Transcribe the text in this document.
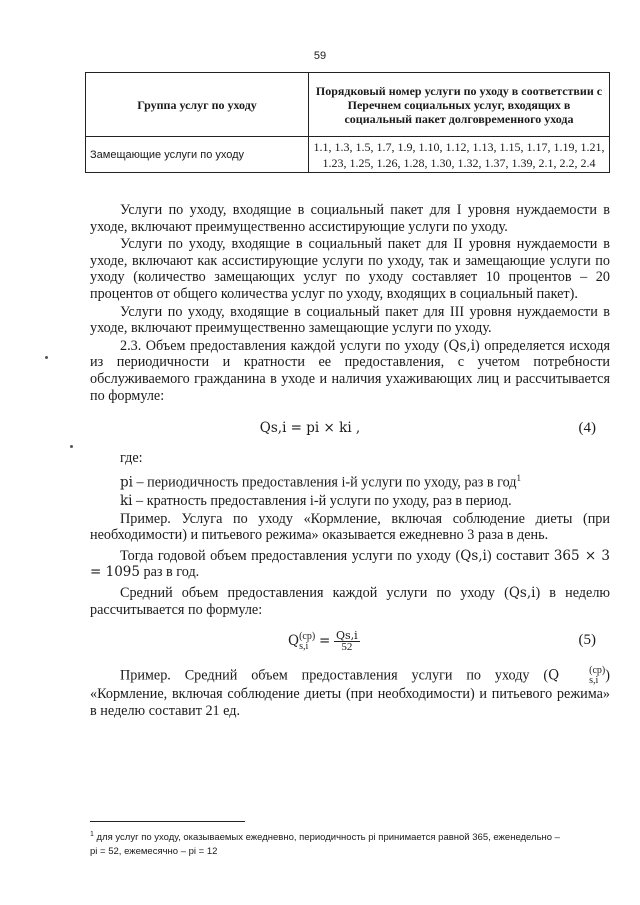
59
Группа услуг по уходу	Порядковый номер услуги по уходу в соответствии с Перечнем социальных услуг, входящих в социальный пакет долговременного ухода
Замещающие услуги по уходу	1.1, 1.3, 1.5, 1.7, 1.9, 1.10, 1.12, 1.13, 1.15, 1.17, 1.19, 1.21, 1.23, 1.25, 1.26, 1.28, 1.30, 1.32, 1.37, 1.39, 2.1, 2.2, 2.4

Услуги по уходу, входящие в социальный пакет для I уровня нуждаемости в уходе, включают преимущественно ассистирующие услуги по уходу.

Услуги по уходу, входящие в социальный пакет для II уровня нуждаемости в уходе, включают как ассистирующие услуги по уходу, так и замещающие услуги по уходу (количество замещающих услуг по уходу составляет 10 процентов – 20 процентов от общего количества услуг по уходу, входящих в социальный пакет).

Услуги по уходу, входящие в социальный пакет для III уровня нуждаемости в уходе, включают преимущественно замещающие услуги по уходу.

2.3. Объем предоставления каждой услуги по уходу (Qs,i) определяется исходя из периодичности и кратности ее предоставления, с учетом потребности обслуживаемого гражданина в уходе и наличия ухаживающих лиц и рассчитывается по формуле:

Qs,i = pi × ki ,	(4)

где:

pi – периодичность предоставления i-й услуги по уходу, раз в год$^1$

ki – кратность предоставления i-й услуги по уходу, раз в период.

Пример. Услуга по уходу «Кормление, включая соблюдение диеты (при необходимости) и питьевого режима» оказывается ежедневно 3 раза в день.

Тогда годовой объем предоставления услуги по уходу (Qs,i) составит 365 × 3 = 1095 раз в год.

Средний объем предоставления каждой услуги по уходу (Qs,i) в неделю рассчитывается по формуле:

Q (ср)
$s,i = \frac{Qs,i}{52}$	(5)

Пример. Средний объем предоставления услуги по уходу (Q	(ср)
s,i ) «Кормление, включая соблюдение диеты (при необходимости) и питьевого режима» в неделю составит 21 ед.

$^1$ для услуг по уходу, оказываемых ежедневно, периодичность pi принимается равной 365, еженедельно –
pi = 52, ежемесячно – pi = 12
